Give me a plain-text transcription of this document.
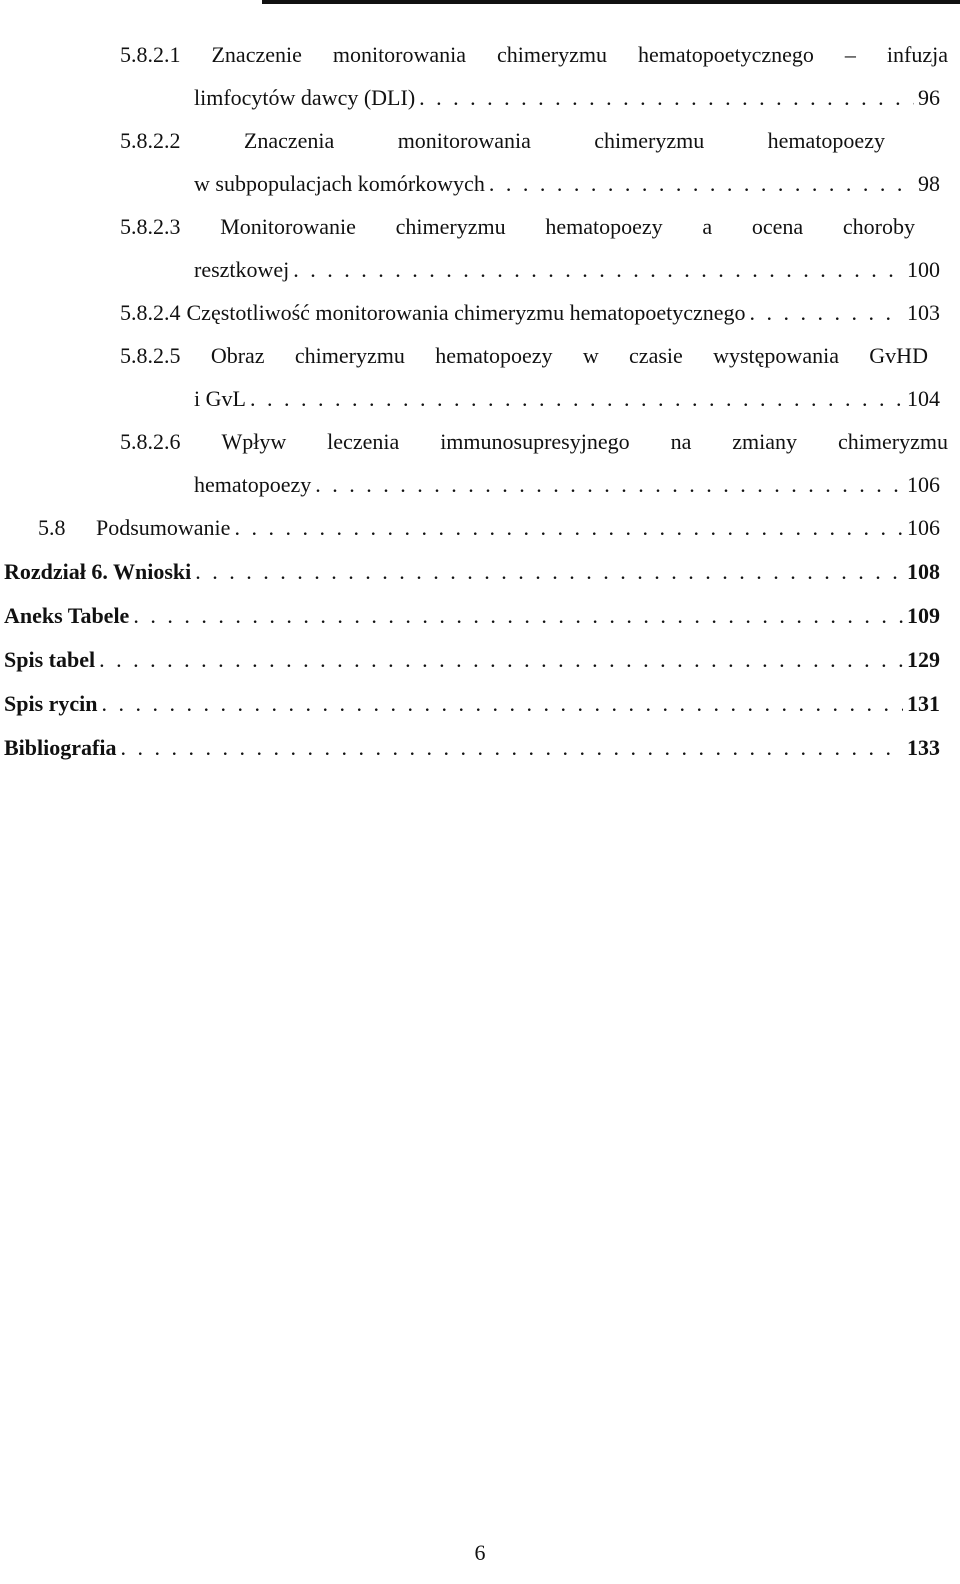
5.8.2.1 Znaczenie monitorowania chimeryzmu hematopoetycznego – infuzja
limfocytów dawcy (DLI) . . .	96
5.8.2.2	Znaczenia	monitorowania	chimeryzmu	hematopoezy
w subpopulacjach komórkowych . . .	98
5.8.2.3 Monitorowanie chimeryzmu hematopoezy a ocena choroby
resztkowej . . .	100
5.8.2.4 Częstotliwość monitorowania chimeryzmu hematopoetycznego . . .	103
5.8.2.5 Obraz chimeryzmu hematopoezy w czasie występowania GvHD
i GvL . . .	104
5.8.2.6 Wpływ leczenia immunosupresyjnego na zmiany chimeryzmu
hematopoezy . . .	106
5.8	Podsumowanie . . .	106
Rozdział 6. Wnioski . . .	108
Aneks Tabele . . .	109
Spis tabel . . .	129
Spis rycin . . .	131
Bibliografia . . .	133
6
